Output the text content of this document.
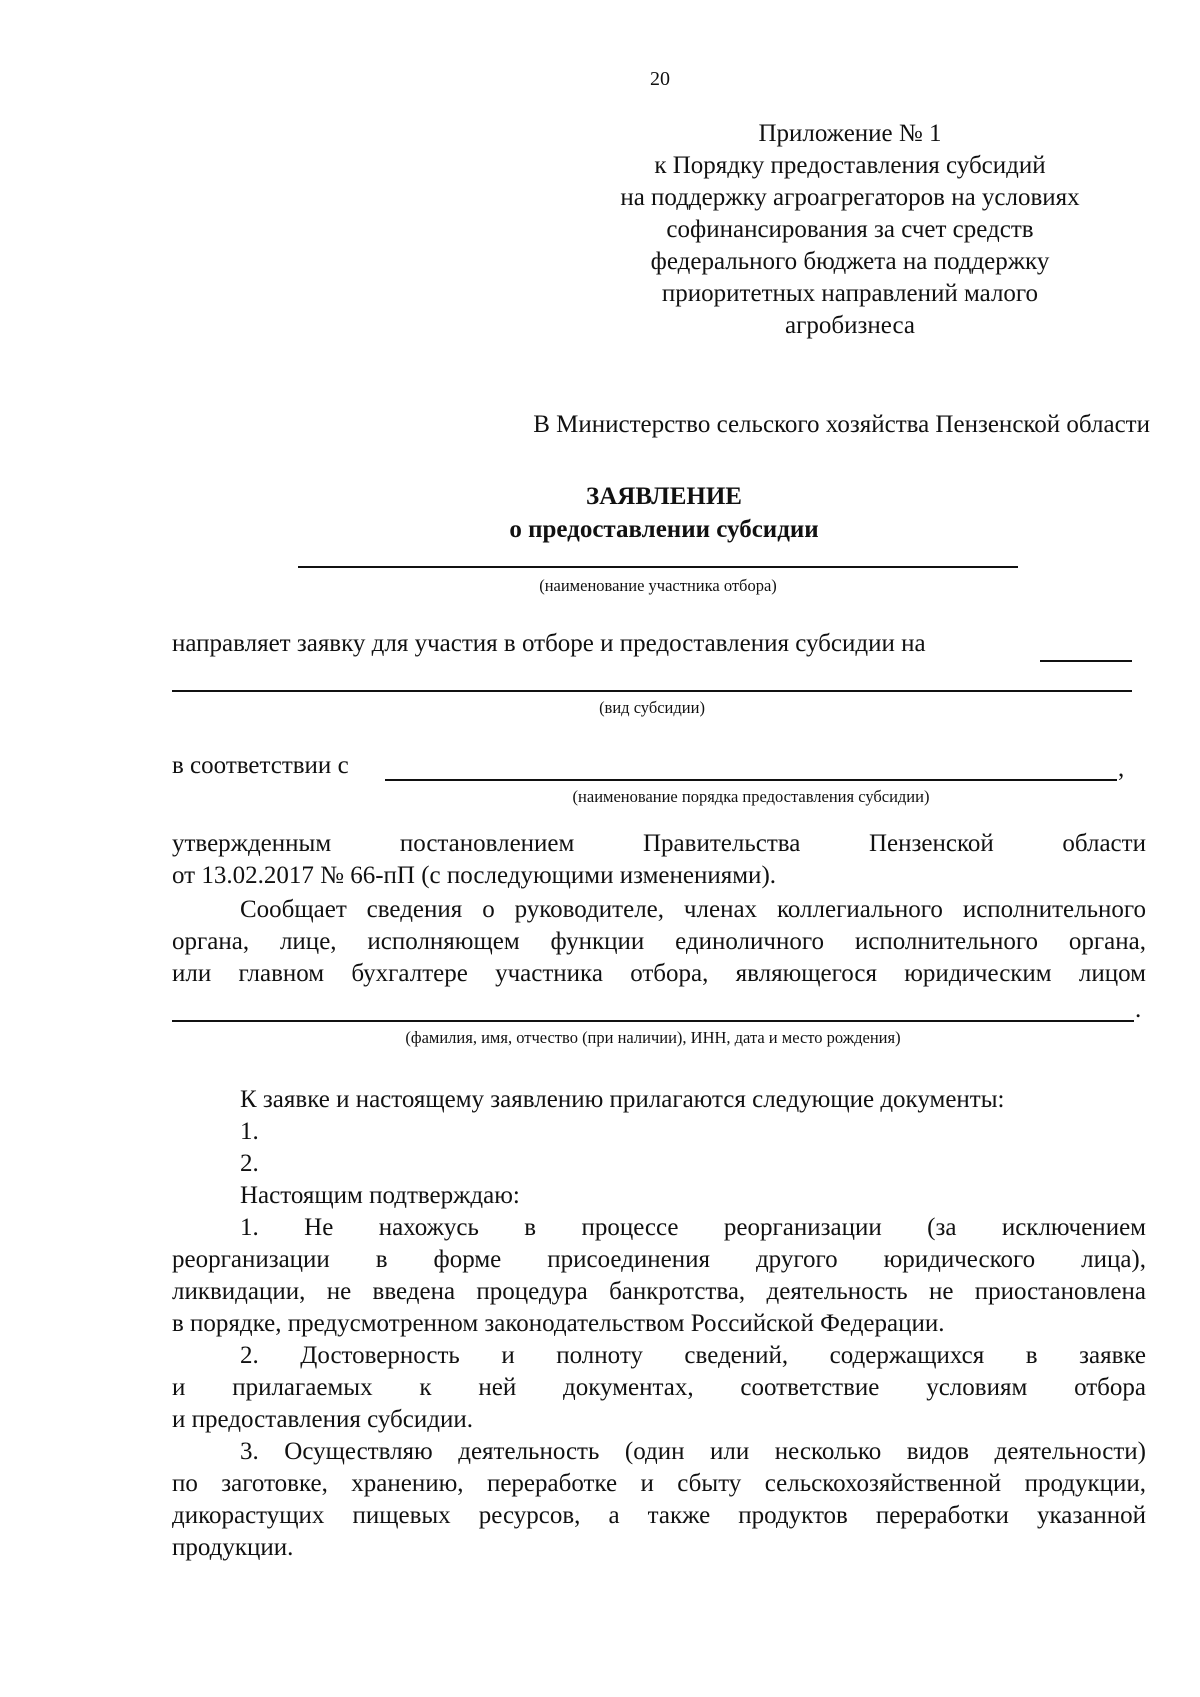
20
Приложение № 1
к Порядку предоставления субсидий
на поддержку агроагрегаторов на условиях
софинансирования за счет средств
федерального бюджета на поддержку
приоритетных направлений малого
агробизнеса
В Министерство сельского хозяйства Пензенской области
ЗАЯВЛЕНИЕ
о предоставлении субсидии
(наименование участника отбора)
направляет заявку для участия в отборе и предоставления субсидии на
(вид субсидии)
в соответствии с	,
(наименование порядка предоставления субсидии)
утвержденным	постановлением	Правительства	Пензенской	области
от 13.02.2017 № 66-пП (с последующими изменениями).

Сообщает сведения о руководителе, членах коллегиального исполнительного

органа, лице, исполняющем функции единоличного исполнительного органа,

или главном бухгалтере участника отбора, являющегося юридическим лицом

.
(фамилия, имя, отчество (при наличии), ИНН, дата и место рождения)

К заявке и настоящему заявлению прилагаются следующие документы:

1.

2.

Настоящим подтверждаю:

1. Не нахожусь в процессе реорганизации (за исключением

реорганизации в форме присоединения другого юридического лица),

ликвидации, не введена процедура банкротства, деятельность не приостановлена

в порядке, предусмотренном законодательством Российской Федерации.

2. Достоверность и полноту сведений, содержащихся в заявке

и прилагаемых к ней документах, соответствие условиям отбора

и предоставления субсидии.

3. Осуществляю деятельность (один или несколько видов деятельности)

по заготовке, хранению, переработке и сбыту сельскохозяйственной продукции,

дикорастущих пищевых ресурсов, а также продуктов переработки указанной

продукции.
